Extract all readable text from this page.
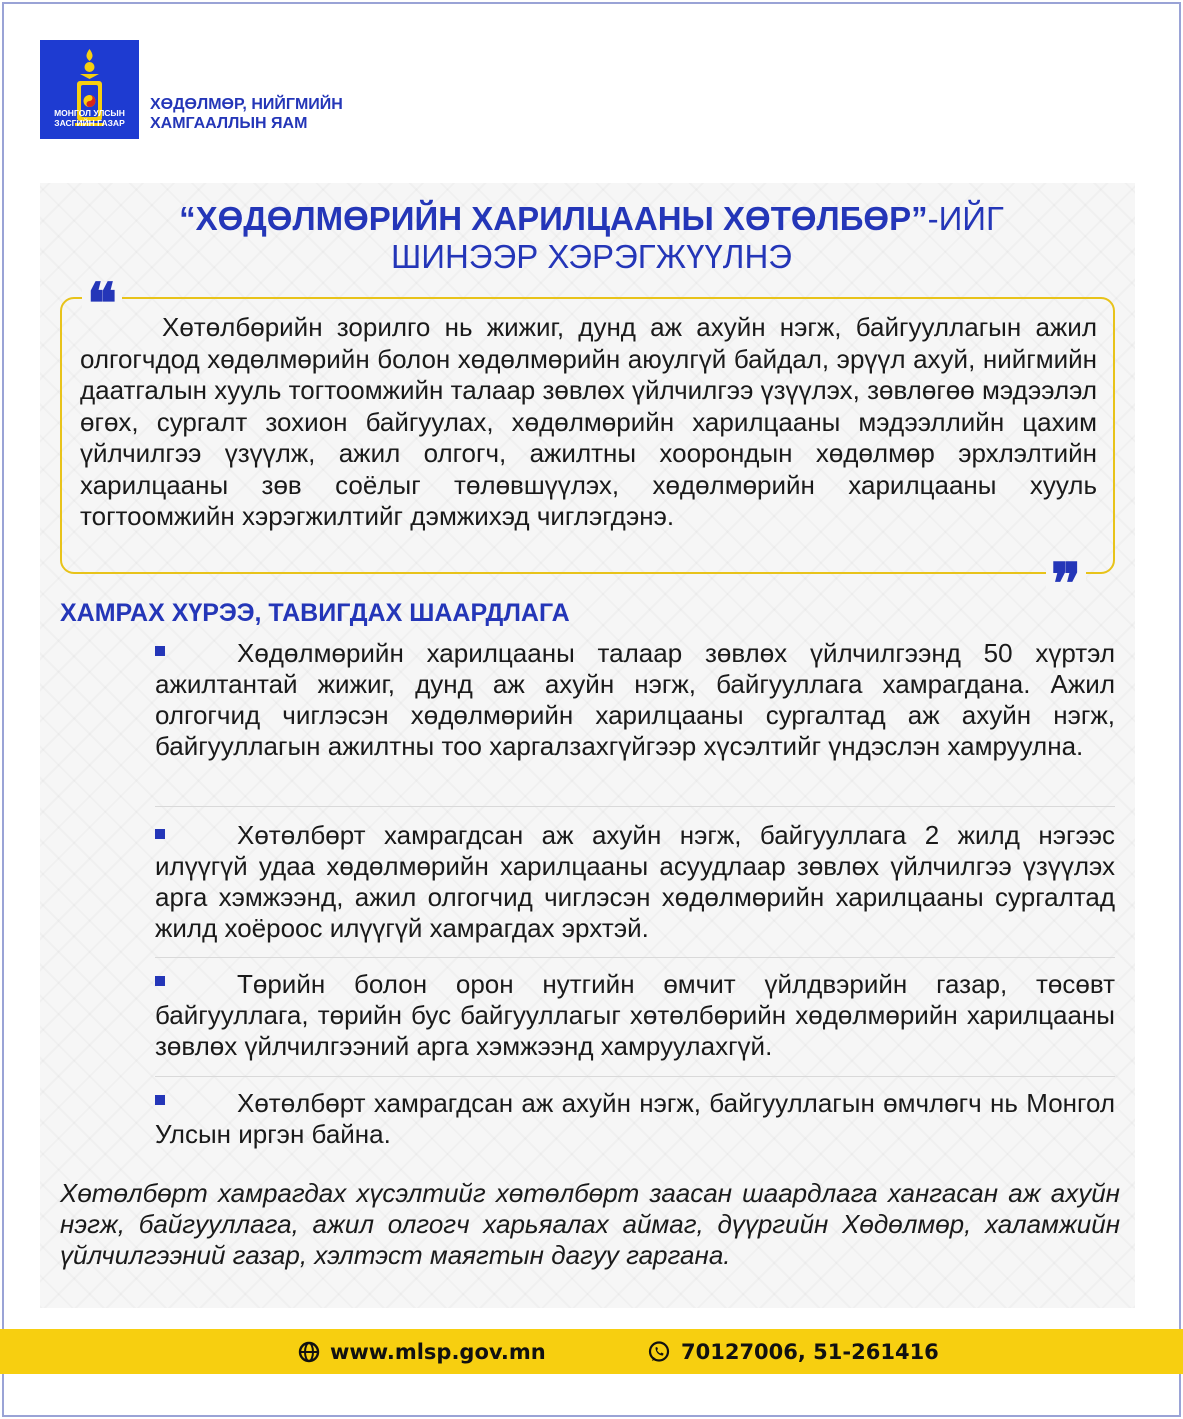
МОНГОЛ УЛСЫН
ЗАСГИЙН ГАЗАР
ХӨДӨЛМӨР, НИЙГМИЙН
ХАМГААЛЛЫН ЯАМ
“ХӨДӨЛМӨРИЙН ХАРИЛЦААНЫ ХӨТӨЛБӨР”-ИЙГ
ШИНЭЭР ХЭРЭГЖҮҮЛНЭ
❝
❞

Хөтөлбөрийн зорилго нь жижиг, дунд аж ахуйн нэгж, байгууллагын ажил олгогчдод хөдөлмөрийн болон хөдөлмөрийн аюулгүй байдал, эрүүл ахуй, нийгмийн даатгалын хууль тогтоомжийн талаар зөвлөх үйлчилгээ үзүүлэх, зөвлөгөө мэдээлэл өгөх, сургалт зохион байгуулах, хөдөлмөрийн харилцааны мэдээллийн цахим үйлчилгээ үзүүлж, ажил олгогч, ажилтны хоорондын хөдөлмөр эрхлэлтийн харилцааны зөв соёлыг төлөвшүүлэх, хөдөлмөрийн харилцааны хууль тогтоомжийн хэрэгжилтийг дэмжихэд чиглэгдэнэ.

ХАМРАХ ХҮРЭЭ, ТАВИГДАХ ШААРДЛАГА

Хөдөлмөрийн харилцааны талаар зөвлөх үйлчилгээнд 50 хүртэл ажилтантай жижиг, дунд аж ахуйн нэгж, байгууллага хамрагдана. Ажил олгогчид чиглэсэн хөдөлмөрийн харилцааны сургалтад аж ахуйн нэгж, байгууллагын ажилтны тоо харгалзахгүйгээр хүсэлтийг үндэслэн хамруулна.

Хөтөлбөрт хамрагдсан аж ахуйн нэгж, байгууллага 2 жилд нэгээс илүүгүй удаа хөдөлмөрийн харилцааны асуудлаар зөвлөх үйлчилгээ үзүүлэх арга хэмжээнд, ажил олгогчид чиглэсэн хөдөлмөрийн харилцааны сургалтад жилд хоёроос илүүгүй хамрагдах эрхтэй.

Төрийн болон орон нутгийн өмчит үйлдвэрийн газар, төсөвт байгууллага, төрийн бус байгууллагыг хөтөлбөрийн хөдөлмөрийн харилцааны зөвлөх үйлчилгээний арга хэмжээнд хамруулахгүй.

Хөтөлбөрт хамрагдсан аж ахуйн нэгж, байгууллагын өмчлөгч нь Монгол Улсын иргэн байна.

Хөтөлбөрт хамрагдах хүсэлтийг хөтөлбөрт заасан шаардлага хангасан аж ахуйн нэгж, байгууллага, ажил олгогч харьяалах аймаг, дүүргийн Хөдөлмөр, халамжийн үйлчилгээний газар, хэлтэст маягтын дагуу гаргана.

www.mlsp.gov.mn	70127006, 51-261416
